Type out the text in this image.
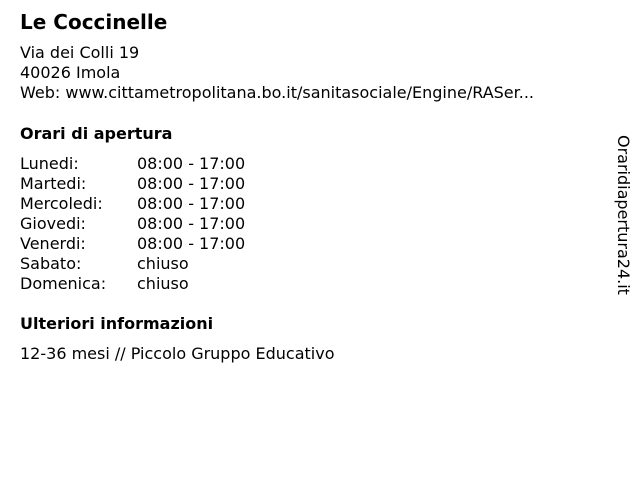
Le Coccinelle
Via dei Colli 19
40026 Imola
Web: www.cittametropolitana.bo.it/sanitasociale/Engine/RASer...
Orari di apertura
Lunedi:	08:00 - 17:00
Martedi:	08:00 - 17:00
Mercoledi: 08:00 - 17:00
Giovedi:	08:00 - 17:00
Venerdi:	08:00 - 17:00
Sabato:	chiuso
Domenica: chiuso
Ulteriori informazioni
12-36 mesi // Piccolo Gruppo Educativo
Oraridiapertura24.it
